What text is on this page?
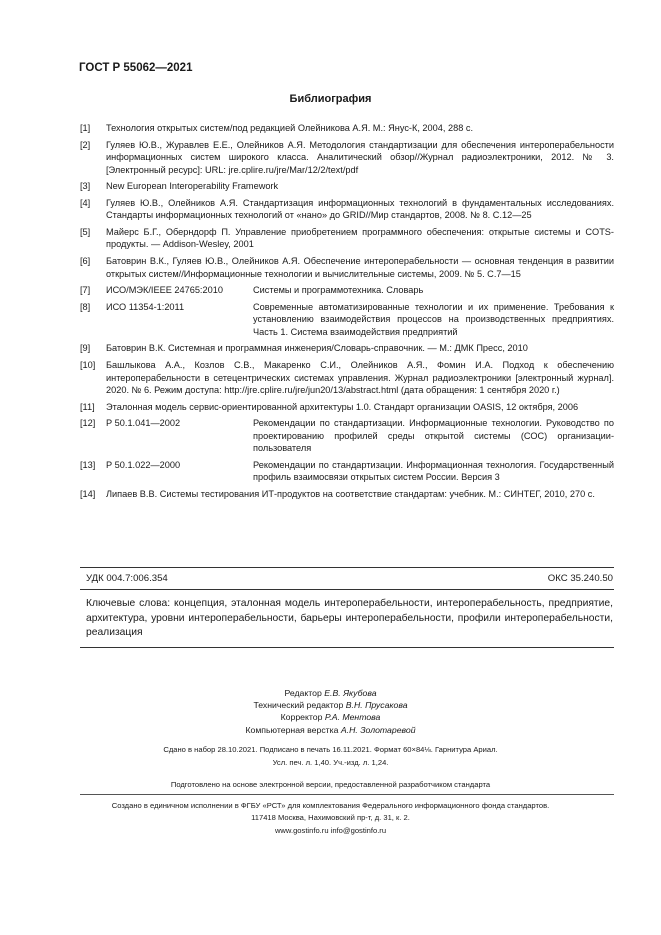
ГОСТ Р 55062—2021
Библиография
[1]	Технология открытых систем/под редакцией Олейникова А.Я. М.: Янус-К, 2004, 288 с.
[2]	Гуляев Ю.В., Журавлев Е.Е., Олейников А.Я. Методология стандартизации для обеспечения интероперабельности информационных систем широкого класса. Аналитический обзор//Журнал радиоэлектроники, 2012. № 3. [Электронный ресурс]: URL: jre.cplire.ru/jre/Mar/12/2/text/pdf
[3]	New European Interoperability Framework
[4]	Гуляев Ю.В., Олейников А.Я. Стандартизация информационных технологий в фундаментальных исследованиях. Стандарты информационных технологий от «нано» до GRID//Мир стандартов, 2008. № 8. С.12—25
[5]	Майерс Б.Г., Оберндорф П. Управление приобретением программного обеспечения: открытые системы и COTS-продукты. — Addison-Wesley, 2001
[6]	Батоврин В.К., Гуляев Ю.В., Олейников А.Я. Обеспечение интероперабельности — основная тенденция в развитии открытых систем//Информационные технологии и вычислительные системы, 2009. № 5. С.7—15
[7]	ИСО/МЭК/IEEE 24765:2010	Системы и программотехника. Словарь
[8]	ИСО 11354-1:2011	Современные автоматизированные технологии и их применение. Требования к установлению взаимодействия процессов на производственных предприятиях. Часть 1. Система взаимодействия предприятий
[9]	Батоврин В.К. Системная и программная инженерия/Словарь-справочник. — М.: ДМК Пресс, 2010
[10]	Башлыкова А.А., Козлов С.В., Макаренко С.И., Олейников А.Я., Фомин И.А. Подход к обеспечению интероперабельности в сетецентрических системах управления. Журнал радиоэлектроники [электронный журнал]. 2020. № 6. Режим доступа: http://jre.cplire.ru/jre/jun20/13/abstract.html (дата обращения: 1 сентября 2020 г.)
[11]	Эталонная модель сервис-ориентированной архитектуры 1.0. Стандарт организации OASIS, 12 октября, 2006
[12]	Р 50.1.041—2002	Рекомендации по стандартизации. Информационные технологии. Руководство по проектированию профилей среды открытой системы (СОС) организации-пользователя
[13]	Р 50.1.022—2000	Рекомендации по стандартизации. Информационная технология. Государственный профиль взаимосвязи открытых систем России. Версия 3
[14]	Липаев В.В. Системы тестирования ИТ-продуктов на соответствие стандартам: учебник. М.: СИНТЕГ, 2010, 270 с.
УДК 004.7:006.354	ОКС 35.240.50
Ключевые слова: концепция, эталонная модель интероперабельности, интероперабельность, предприятие, архитектура, уровни интероперабельности, барьеры интероперабельности, профили интероперабельности, реализация
Редактор Е.В. Якубова
Технический редактор В.Н. Прусакова
Корректор Р.А. Ментова
Компьютерная верстка А.Н. Золотаревой
Сдано в набор 28.10.2021. Подписано в печать 16.11.2021. Формат 60×84⅛. Гарнитура Ариал.
Усл. печ. л. 1,40. Уч.-изд. л. 1,24.
Подготовлено на основе электронной версии, предоставленной разработчиком стандарта
Создано в единичном исполнении в ФГБУ «РСТ» для комплектования Федерального информационного фонда стандартов.
117418 Москва, Нахимовский пр-т, д. 31, к. 2.
www.gostinfo.ru info@gostinfo.ru
